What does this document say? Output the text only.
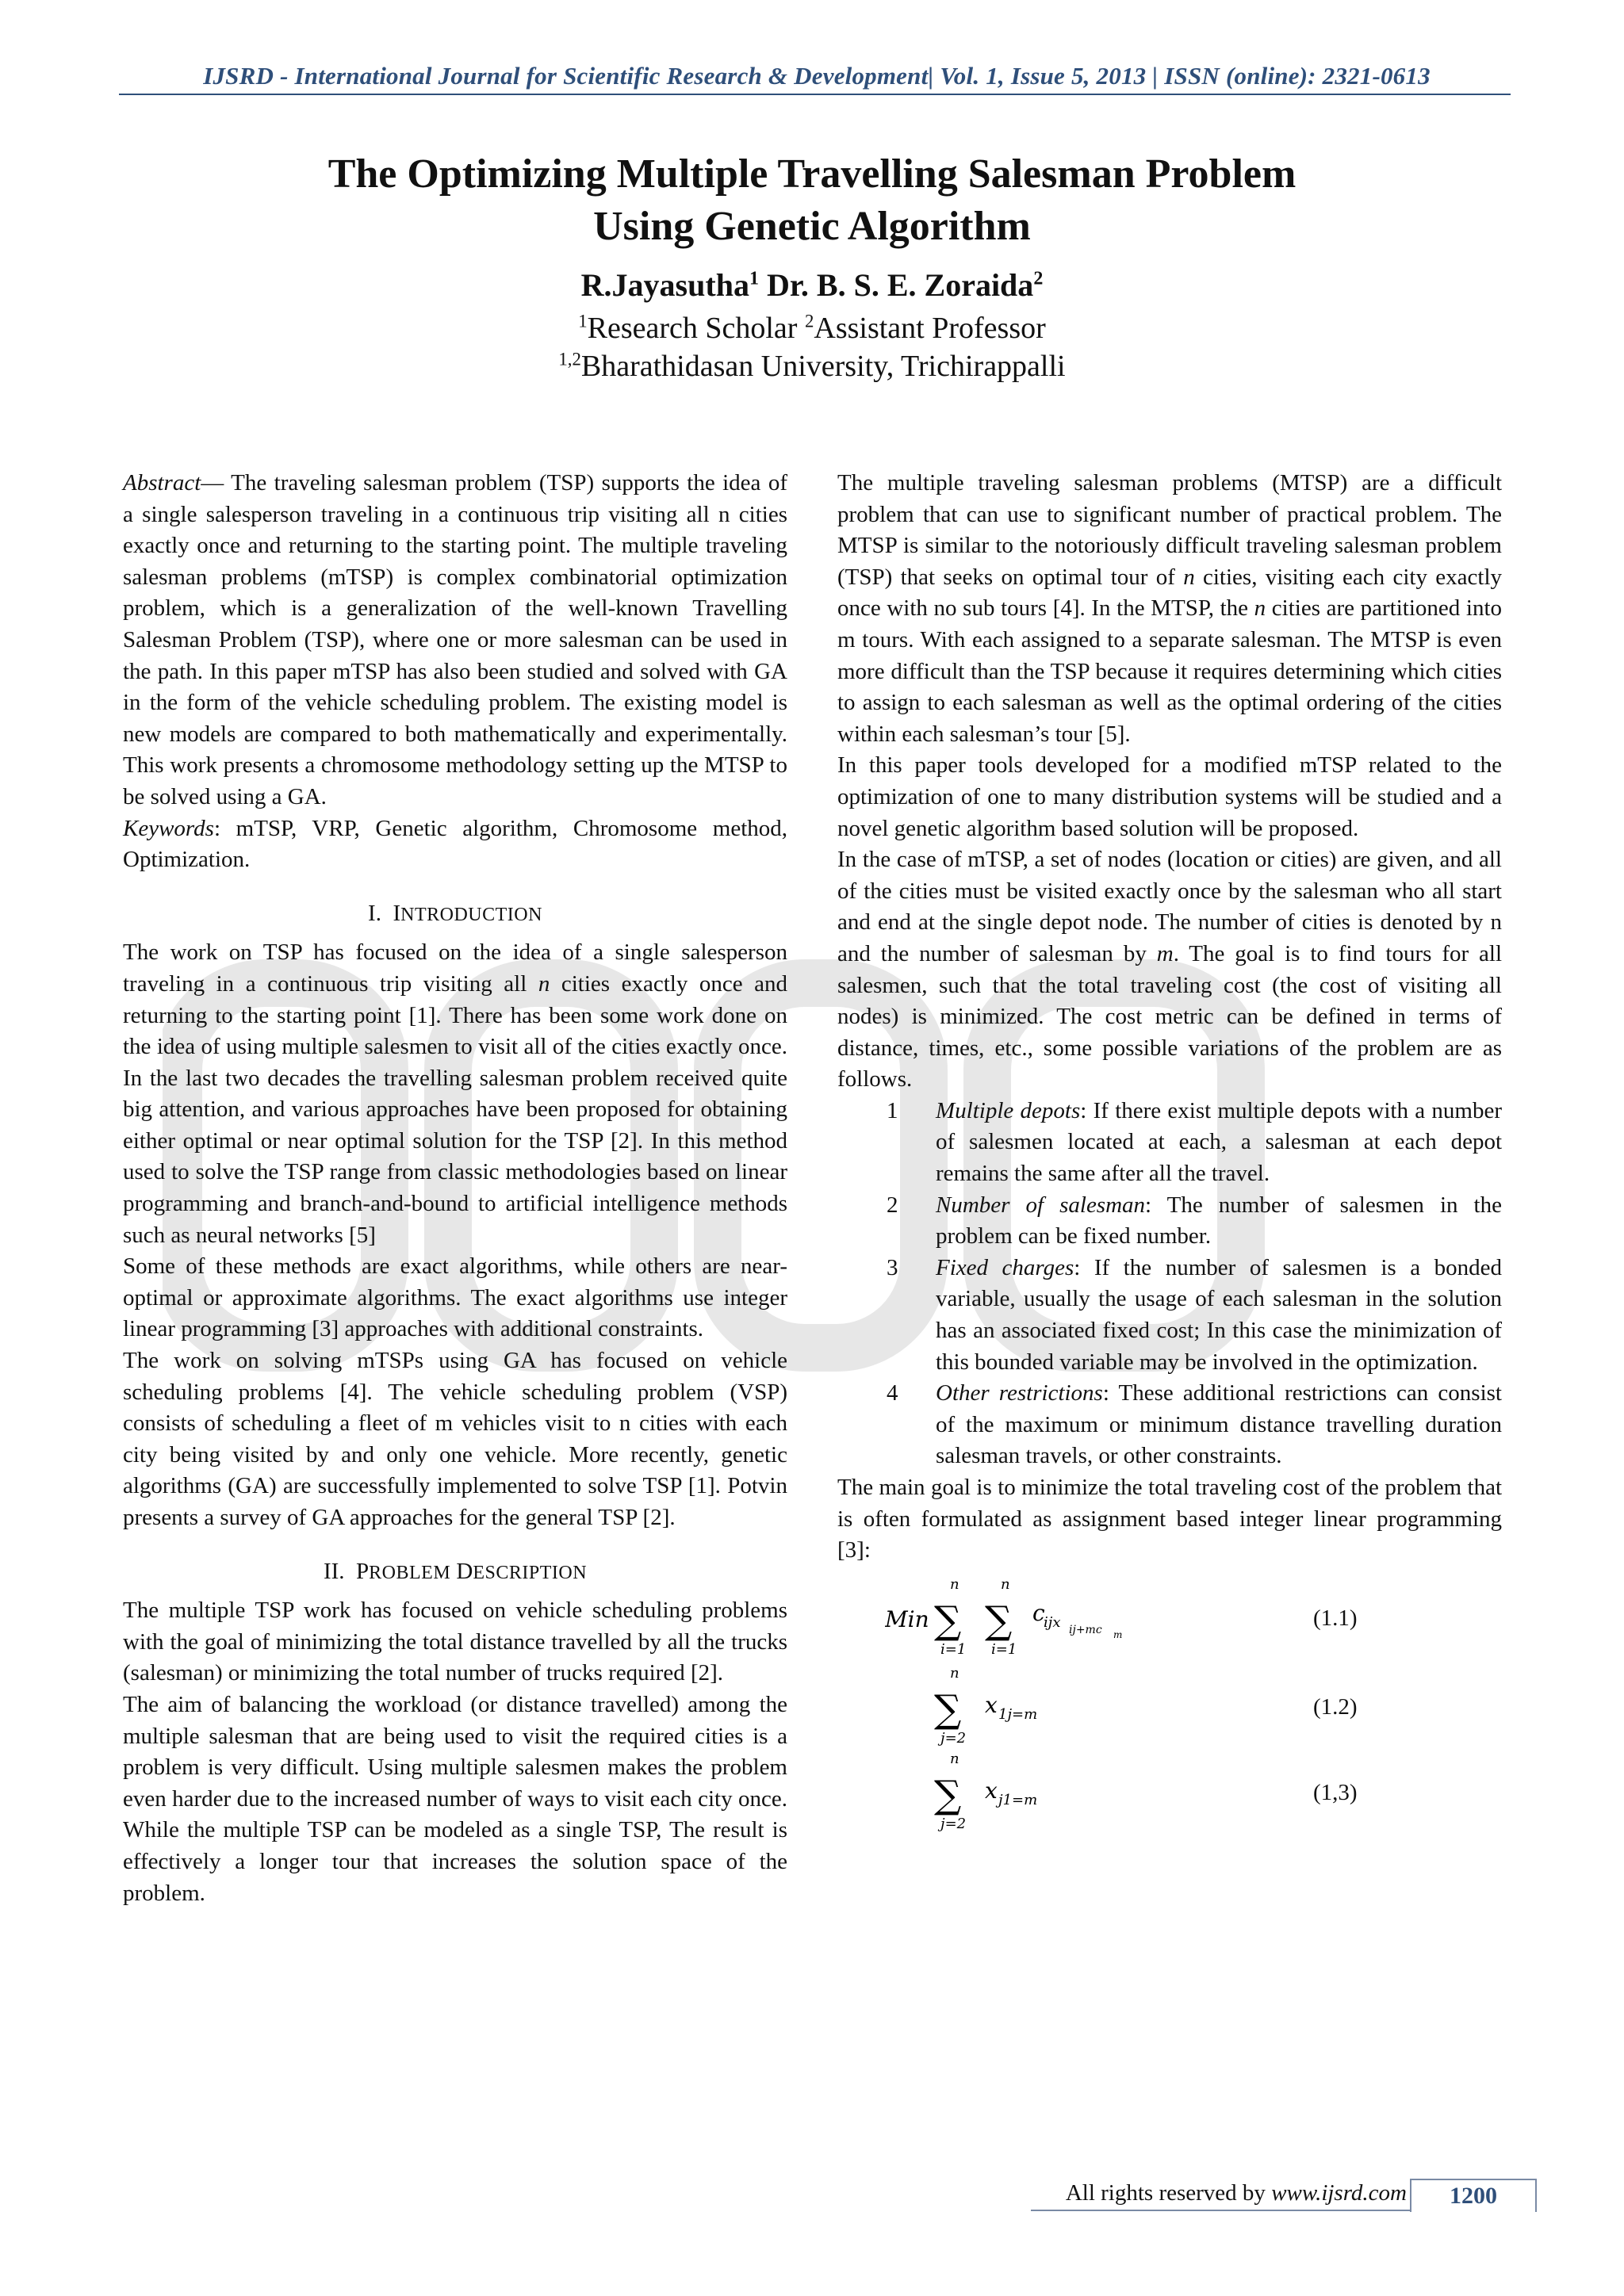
IJSRD - International Journal for Scientific Research & Development| Vol. 1, Issue 5, 2013 | ISSN (online): 2321-0613
The Optimizing Multiple Travelling Salesman Problem
Using Genetic Algorithm
R.Jayasutha$^1$ Dr. B. S. E. Zoraida$^2$
$^1$Research Scholar $^2$Assistant Professor
$^{1,2}$Bharathidasan University, Trichirappalli

Abstract— The traveling salesman problem (TSP) supports the idea of a single salesperson traveling in a continuous trip visiting all n cities exactly once and returning to the starting point. The multiple traveling salesman problems (mTSP) is complex combinatorial optimization problem, which is a generalization of the well-known Travelling Salesman Problem (TSP), where one or more salesman can be used in the path. In this paper mTSP has also been studied and solved with GA in the form of the vehicle scheduling problem. The existing model is new models are compared to both mathematically and experimentally. This work presents a chromosome methodology setting up the MTSP to be solved using a GA.

Keywords: mTSP, VRP, Genetic algorithm, Chromosome method, Optimization.

I. INTRODUCTION

The work on TSP has focused on the idea of a single salesperson traveling in a continuous trip visiting all n cities exactly once and returning to the starting point [1]. There has been some work done on the idea of using multiple salesmen to visit all of the cities exactly once. In the last two decades the travelling salesman problem received quite big attention, and various approaches have been proposed for obtaining either optimal or near optimal solution for the TSP [2]. In this method used to solve the TSP range from classic methodologies based on linear programming and branch-and-bound to artificial intelligence methods such as neural networks [5]

Some of these methods are exact algorithms, while others are near-optimal or approximate algorithms. The exact algorithms use integer linear programming [3] approaches with additional constraints.

The work on solving mTSPs using GA has focused on vehicle scheduling problems [4]. The vehicle scheduling problem (VSP) consists of scheduling a fleet of m vehicles visit to n cities with each city being visited by and only one vehicle. More recently, genetic algorithms (GA) are successfully implemented to solve TSP [1]. Potvin presents a survey of GA approaches for the general TSP [2].

II. PROBLEM DESCRIPTION

The multiple TSP work has focused on vehicle scheduling problems with the goal of minimizing the total distance travelled by all the trucks (salesman) or minimizing the total number of trucks required [2].

The aim of balancing the workload (or distance travelled) among the multiple salesman that are being used to visit the required cities is a problem is very difficult. Using multiple salesmen makes the problem even harder due to the increased number of ways to visit each city once. While the multiple TSP can be modeled as a single TSP, The result is effectively a longer tour that increases the solution space of the problem.

The multiple traveling salesman problems (MTSP) are a difficult problem that can use to significant number of practical problem. The MTSP is similar to the notoriously difficult traveling salesman problem (TSP) that seeks on optimal tour of n cities, visiting each city exactly once with no sub tours [4]. In the MTSP, the n cities are partitioned into m tours. With each assigned to a separate salesman. The MTSP is even more difficult than the TSP because it requires determining which cities to assign to each salesman as well as the optimal ordering of the cities within each salesman’s tour [5].

In this paper tools developed for a modified mTSP related to the optimization of one to many distribution systems will be studied and a novel genetic algorithm based solution will be proposed.

In the case of mTSP, a set of nodes (location or cities) are given, and all of the cities must be visited exactly once by the salesman who all start and end at the single depot node. The number of cities is denoted by n and the number of salesman by m. The goal is to find tours for all salesmen, such that the total traveling cost (the cost of visiting all nodes) is minimized. The cost metric can be defined in terms of distance, times, etc., some possible variations of the problem are as follows.

1	Multiple depots: If there exist multiple depots with a number of salesmen located at each, a salesman at each depot remains the same after all the travel.
2	Number of salesman: The number of salesmen in the problem can be fixed number.
3	Fixed charges: If the number of salesmen is a bonded variable, usually the usage of each salesman in the solution has an associated fixed cost; In this case the minimization of this bounded variable may be involved in the optimization.
4	Other restrictions: These additional restrictions can consist of the maximum or minimum distance travelling duration salesman travels, or other constraints.

The main goal is to minimize the total traveling cost of the problem that is often formulated as assignment based integer linear programming [3]:

Min
n
∑
i=1
n
∑
i=1
c
ijx ij+mc m
(1.1)
n
∑
j=2
x 1j=m	(1.2)
n
∑
j=2
x j1=m	(1,3)
All rights reserved by www.ijsrd.com	1200
